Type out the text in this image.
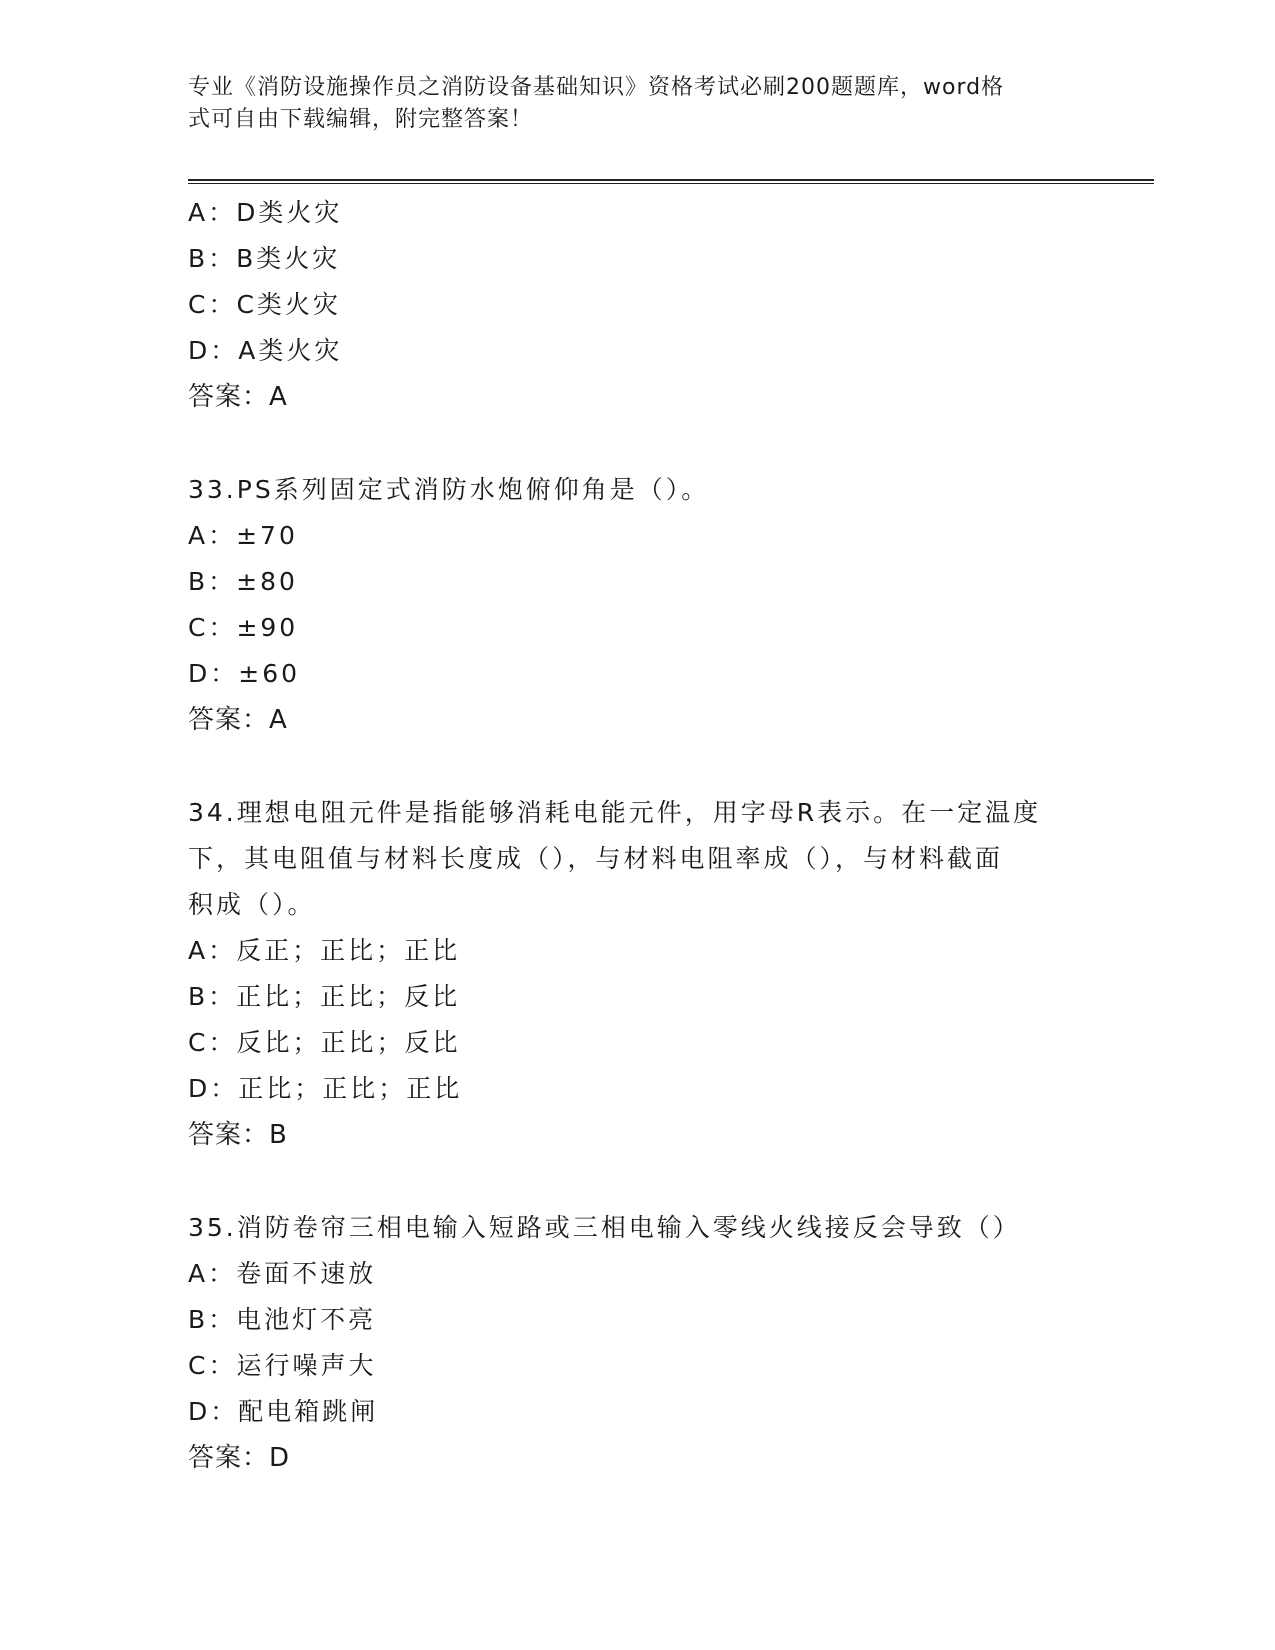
专业《消防设施操作员之消防设备基础知识》资格考试必刷200题题库，word格
式可自由下载编辑，附完整答案！
A：D类火灾
B：B类火灾
C：C类火灾
D：A类火灾
答案：A
33.PS系列固定式消防水炮俯仰角是（）。
A：±70
B：±80
C：±90
D：±60
答案：A
34.理想电阻元件是指能够消耗电能元件，用字母R表示。在一定温度
下，其电阻值与材料长度成（），与材料电阻率成（），与材料截面
积成（）。
A：反正；正比；正比
B：正比；正比；反比
C：反比；正比；反比
D：正比；正比；正比
答案：B
35.消防卷帘三相电输入短路或三相电输入零线火线接反会导致（）
A：卷面不速放
B：电池灯不亮
C：运行噪声大
D：配电箱跳闸
答案：D
